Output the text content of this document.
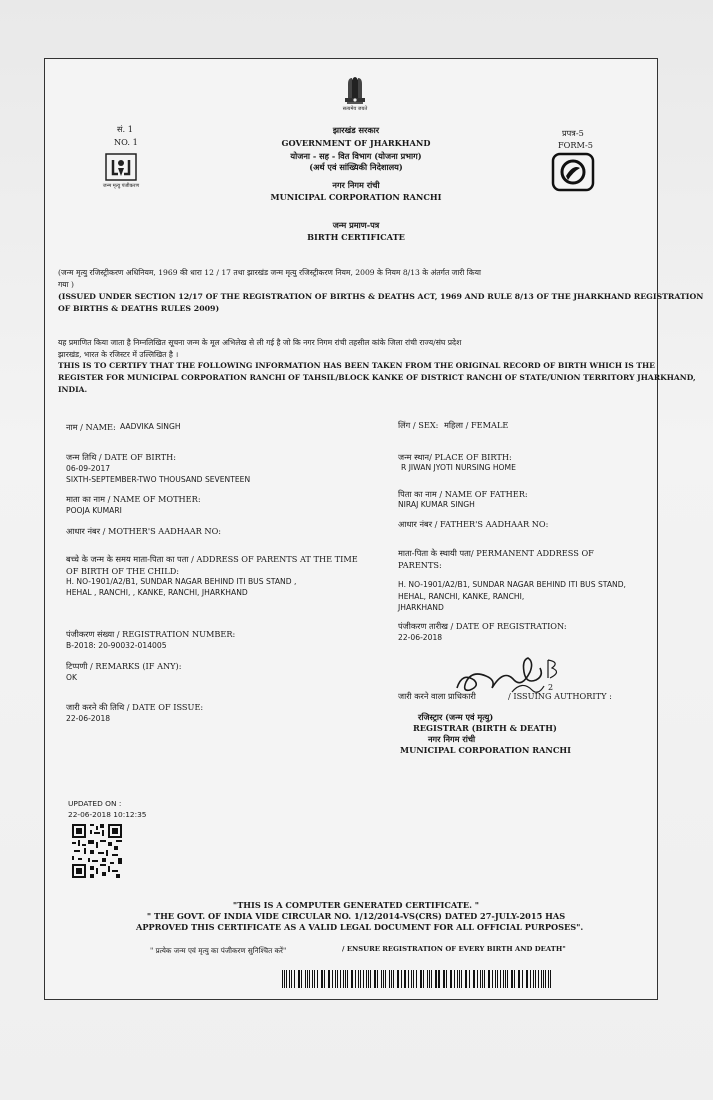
सत्यमेव जयते
सं. 1
NO. 1
प्रपत्र-5
FORM-5
झारखंड सरकार
GOVERNMENT OF JHARKHAND
योजना - सह - वित विभाग (योजना प्रभाग)
(अर्थ एवं सांख्यिकी निदेशालय)
नगर निगम रांची
MUNICIPAL CORPORATION RANCHI
जन्म मृत्यु पंजीकरण
जन्म प्रमाण-पत्र
BIRTH CERTIFICATE
(जन्म मृत्यु रजिस्ट्रीकरण अधिनियम, 1969 की धारा 12 / 17 तथा झारखंड जन्म मृत्यु रजिस्ट्रीकरण नियम, 2009 के नियम 8/13 के अंतर्गत जारी किया
गया )
(ISSUED UNDER SECTION 12/17 OF THE REGISTRATION OF BIRTHS & DEATHS ACT, 1969 AND RULE 8/13 OF THE JHARKHAND REGISTRATION
OF BIRTHS & DEATHS RULES 2009)
यह प्रमाणित किया जाता है निम्नलिखित सूचना जन्म के मूल अभिलेख से ली गई है जो कि नगर निगम रांची तहसील कांके जिला रांची राज्य/संघ प्रदेश
झारखंड, भारत के रजिस्टर में उल्लिखित है ।
THIS IS TO CERTIFY THAT THE FOLLOWING INFORMATION HAS BEEN TAKEN FROM THE ORIGINAL RECORD OF BIRTH WHICH IS THE
REGISTER FOR MUNICIPAL CORPORATION RANCHI OF TAHSIL/BLOCK KANKE OF DISTRICT RANCHI OF STATE/UNION TERRITORY JHARKHAND,
INDIA.
नाम / NAME: AADVIKA SINGH	लिंग / SEX: महिला / FEMALE
जन्म तिथि / DATE OF BIRTH:
06-09-2017
SIXTH-SEPTEMBER-TWO THOUSAND SEVENTEEN
जन्म स्थान/ PLACE OF BIRTH:
R JIWAN JYOTI NURSING HOME
माता का नाम / NAME OF MOTHER:
POOJA KUMARI
पिता का नाम / NAME OF FATHER:
NIRAJ KUMAR SINGH
आधार नंबर / MOTHER'S AADHAAR NO:
आधार नंबर / FATHER'S AADHAAR NO:
बच्चे के जन्म के समय माता-पिता का पता / ADDRESS OF PARENTS AT THE TIME
OF BIRTH OF THE CHILD:
H. NO-1901/A2/B1, SUNDAR NAGAR BEHIND ITI BUS STAND ,
HEHAL , RANCHI, , KANKE, RANCHI, JHARKHAND
माता-पिता के स्थायी पता/ PERMANENT ADDRESS OF
PARENTS:
H. NO-1901/A2/B1, SUNDAR NAGAR BEHIND ITI BUS STAND,
HEHAL, RANCHI, KANKE, RANCHI,
JHARKHAND
पंजीकरण संख्या / REGISTRATION NUMBER:
B-2018: 20-90032-014005
पंजीकरण तारीख / DATE OF REGISTRATION:
22-06-2018
टिप्पणी / REMARKS (IF ANY):
OK
जारी करने की तिथि / DATE OF ISSUE:
22-06-2018
2
जारी करने वाला प्राधिकारी	/ ISSUING AUTHORITY :
रजिस्ट्रार (जन्म एवं मृत्यु)
REGISTRAR (BIRTH & DEATH)
नगर निगम रांची
MUNICIPAL CORPORATION RANCHI
UPDATED ON :
22-06-2018 10:12:35
"THIS IS A COMPUTER GENERATED CERTIFICATE. "
" THE GOVT. OF INDIA VIDE CIRCULAR NO. 1/12/2014-VS(CRS) DATED 27-JULY-2015 HAS
APPROVED THIS CERTIFICATE AS A VALID LEGAL DOCUMENT FOR ALL OFFICIAL PURPOSES".
" प्रत्येक जन्म एवं मृत्यु का पंजीकरण सुनिश्चित करें"	/ ENSURE REGISTRATION OF EVERY BIRTH AND DEATH"
